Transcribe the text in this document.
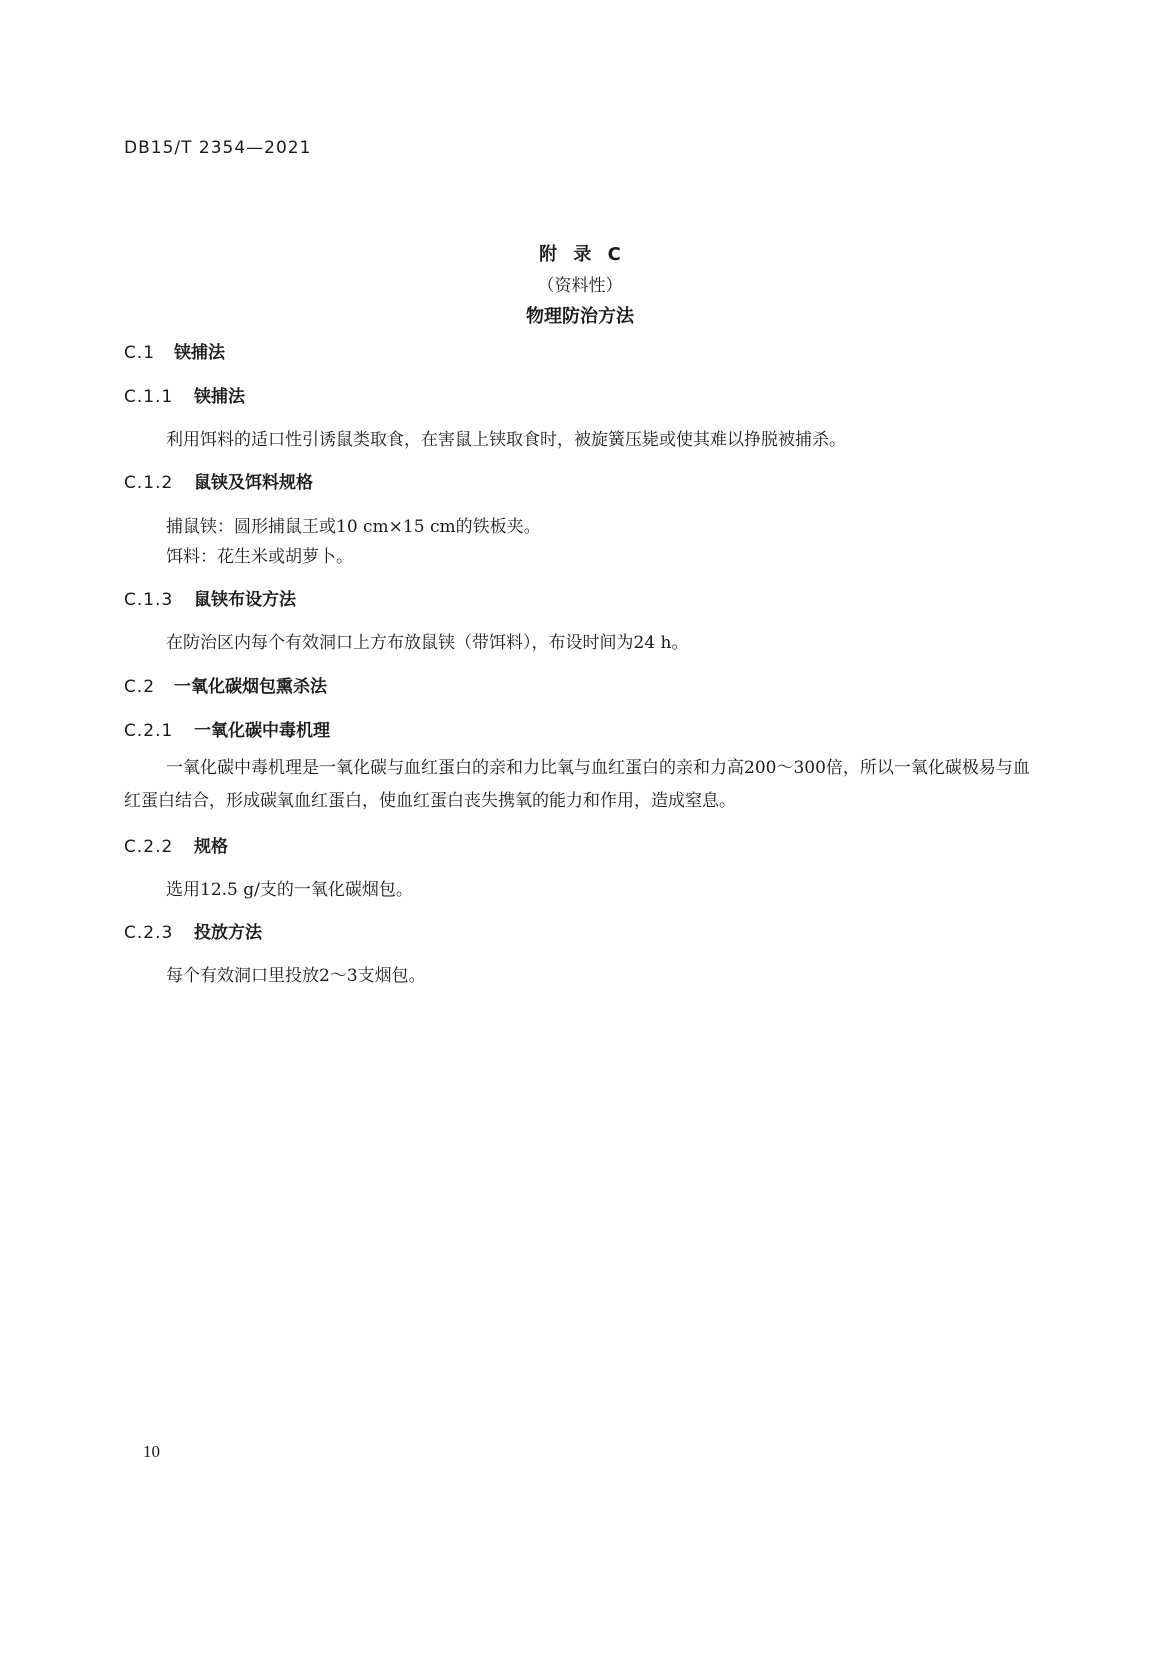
DB15/T 2354—2021
附 录 C
（资料性）
物理防治方法
C.1 铗捕法
C.1.1 铗捕法
利用饵料的适口性引诱鼠类取食，在害鼠上铗取食时，被旋簧压毙或使其难以挣脱被捕杀。
C.1.2 鼠铗及饵料规格
捕鼠铗：圆形捕鼠王或10 cm×15 cm的铁板夹。
饵料：花生米或胡萝卜。
C.1.3 鼠铗布设方法
在防治区内每个有效洞口上方布放鼠铗（带饵料），布设时间为24 h。
C.2 一氧化碳烟包熏杀法
C.2.1 一氧化碳中毒机理
一氧化碳中毒机理是一氧化碳与血红蛋白的亲和力比氧与血红蛋白的亲和力高200～300倍，所以一氧化碳极易与血红蛋白结合，形成碳氧血红蛋白，使血红蛋白丧失携氧的能力和作用，造成窒息。
C.2.2 规格
选用12.5 g/支的一氧化碳烟包。
C.2.3 投放方法
每个有效洞口里投放2～3支烟包。
10
